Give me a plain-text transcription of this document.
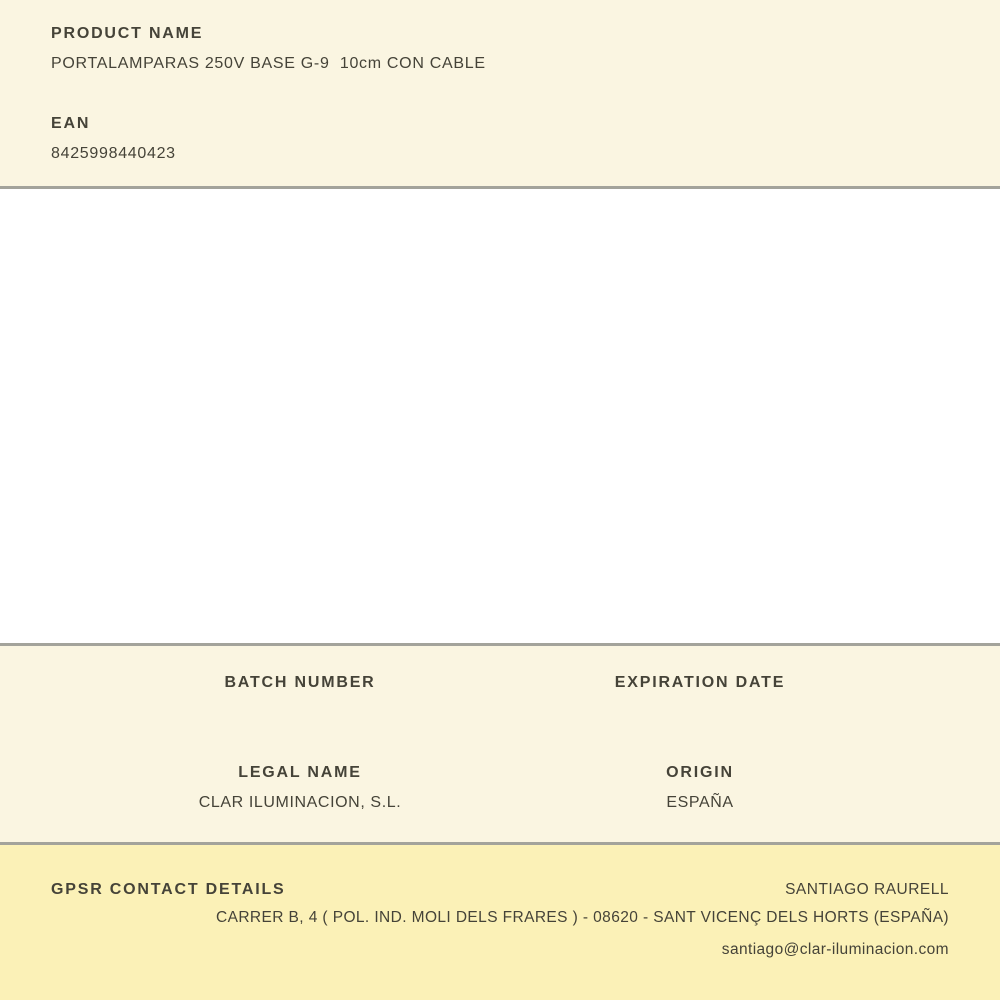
PRODUCT NAME
PORTALAMPARAS 250V BASE G-9  10cm CON CABLE
EAN
8425998440423
BATCH NUMBER	EXPIRATION DATE
LEGAL NAME
CLAR ILUMINACION, S.L.
ORIGIN
ESPAÑA
GPSR CONTACT DETAILS	SANTIAGO RAURELL
CARRER B, 4 ( POL. IND. MOLI DELS FRARES ) - 08620 - SANT VICENÇ DELS HORTS (ESPAÑA)
santiago@clar-iluminacion.com
